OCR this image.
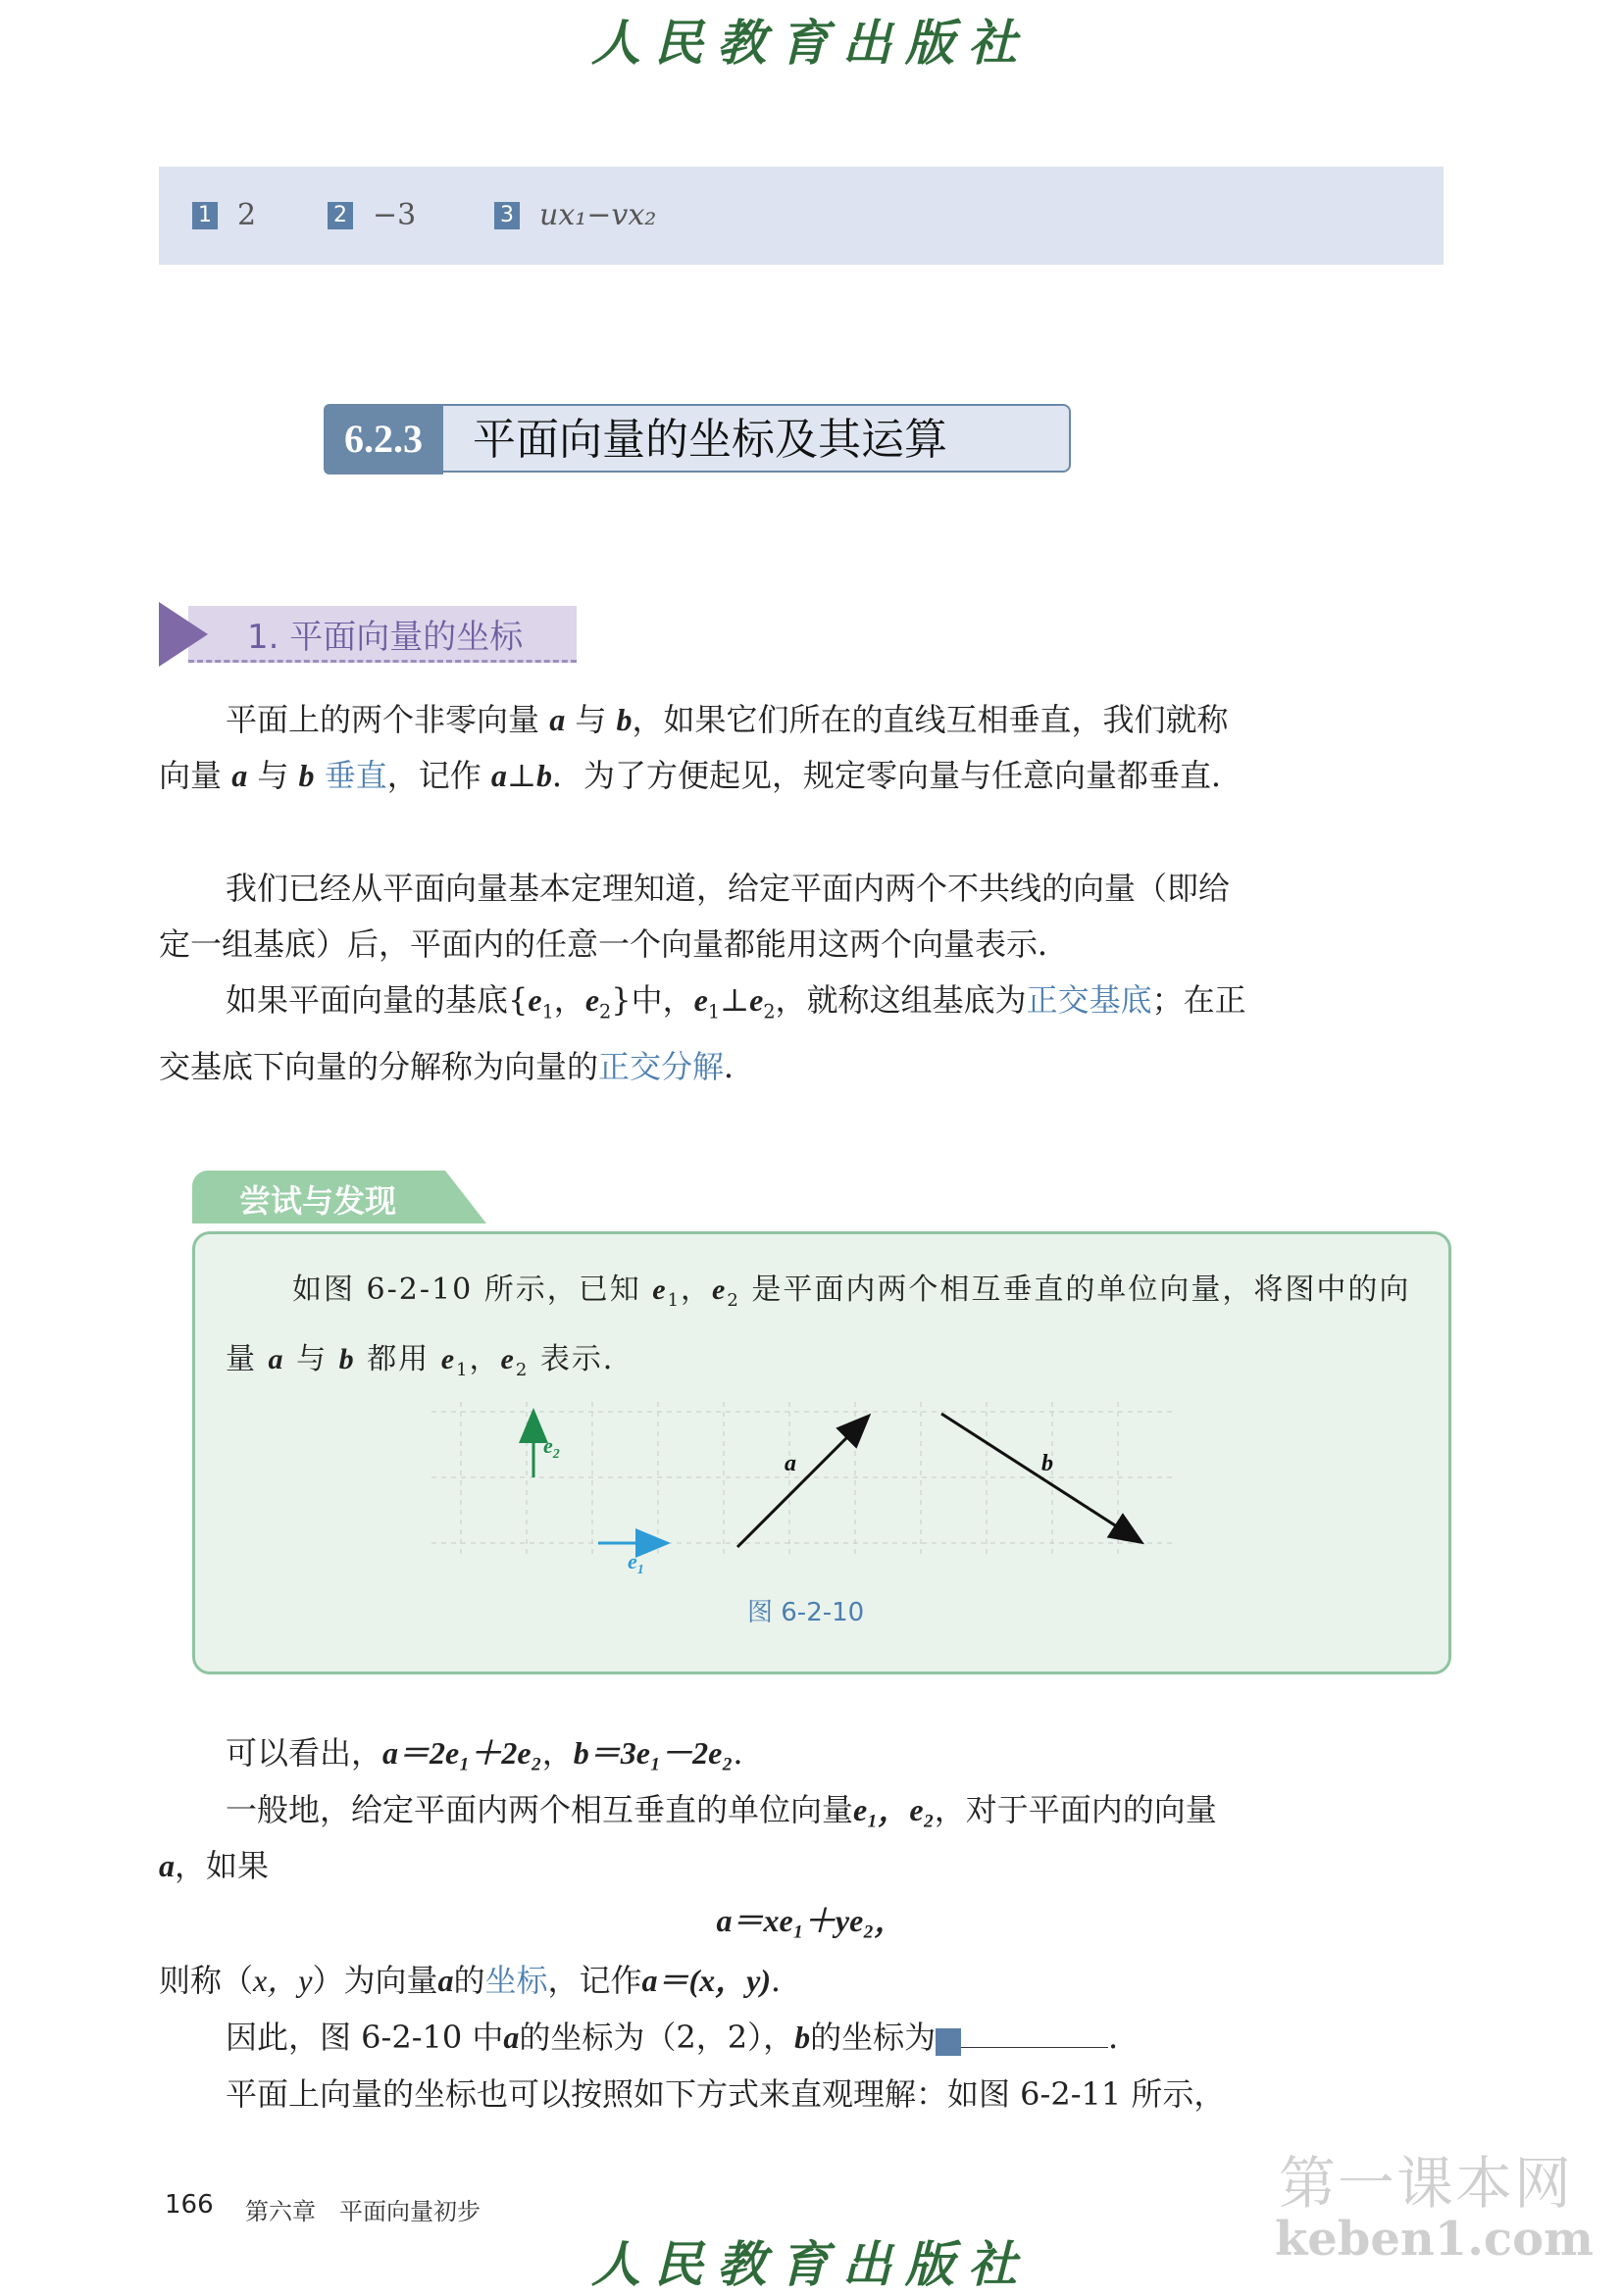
人民教育出版社
1 2	2 −3	3 ux₁−vx₂
6.2.3	平面向量的坐标及其运算
1. 平面向量的坐标
平面上的两个非零向量 a 与 b，如果它们所在的直线互相垂直，我们就称向量 a 与 b 垂直，记作 a⊥b．为了方便起见，规定零向量与任意向量都垂直．
我们已经从平面向量基本定理知道，给定平面内两个不共线的向量（即给定一组基底）后，平面内的任意一个向量都能用这两个向量表示．
如果平面向量的基底{$e_1$，$e_2$}中，$e_1\perp e_2$，就称这组基底为正交基底；在正交基底下向量的分解称为向量的正交分解．
尝试与发现
如图 6-2-10 所示，已知 $e_1$，$e_2$ 是平面内两个相互垂直的单位向量，将图中的向量 a 与 b 都用 $e_1$，$e_2$ 表示．
$e_2$
$e_1$
a	b
图 6-2-10
可以看出，a＝2e₁＋2e₂，b＝3e₁－2e₂．
一般地，给定平面内两个相互垂直的单位向量e₁，e₂，对于平面内的向量a，如果
a＝xe₁＋ye₂，
则称（x，y）为向量a的坐标，记作a＝(x，y)．
因此，图 6-2-10 中a的坐标为（2，2），b的坐标为	1	．
平面上向量的坐标也可以按照如下方式来直观理解：如图 6-2-11 所示，
166 第六章　平面向量初步	第一课本网
keben1.com
人民教育出版社
